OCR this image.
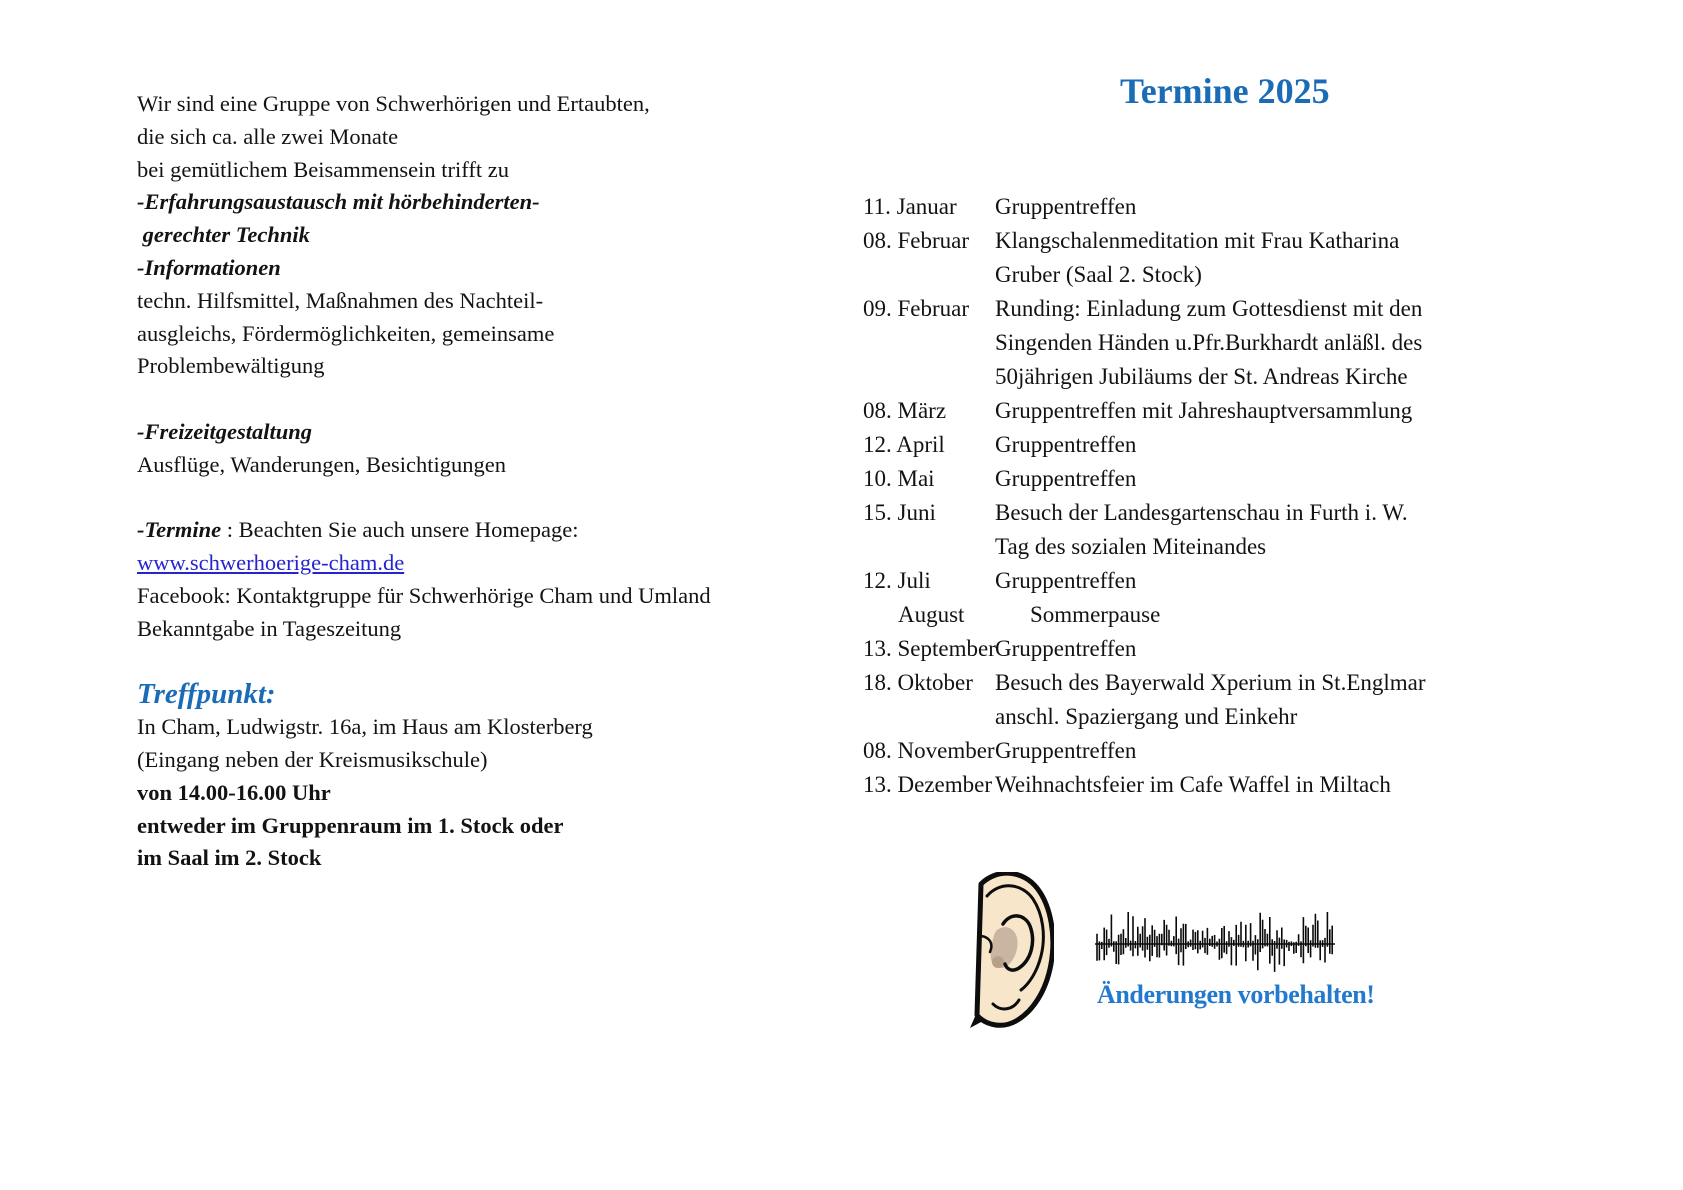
Wir sind eine Gruppe von Schwerhörigen und Ertaubten,
die sich ca. alle zwei Monate
bei gemütlichem Beisammensein trifft zu
-Erfahrungsaustausch mit hörbehinderten-
gerechter Technik
-Informationen
techn. Hilfsmittel, Maßnahmen des Nachteil-
ausgleichs, Fördermöglichkeiten, gemeinsame
Problembewältigung
-Freizeitgestaltung
Ausflüge, Wanderungen, Besichtigungen
-Termine : Beachten Sie auch unsere Homepage:
www.schwerhoerige-cham.de
Facebook: Kontaktgruppe für Schwerhörige Cham und Umland
Bekanntgabe in Tageszeitung
Treffpunkt:
In Cham, Ludwigstr. 16a, im Haus am Klosterberg
(Eingang neben der Kreismusikschule)
von 14.00-16.00 Uhr
entweder im Gruppenraum im 1. Stock oder
im Saal im 2. Stock
Termine 2025
11. Januar	Gruppentreffen
08. Februar	Klangschalenmeditation mit Frau Katharina
Gruber (Saal 2. Stock)
09. Februar	Runding: Einladung zum Gottesdienst mit den
Singenden Händen u.Pfr.Burkhardt anläßl. des
50jährigen Jubiläums der St. Andreas Kirche
08. März	Gruppentreffen mit Jahreshauptversammlung
12. April	Gruppentreffen
10. Mai	Gruppentreffen
15. Juni	Besuch der Landesgartenschau in Furth i. W.
Tag des sozialen Miteinandes
12. Juli	Gruppentreffen
August	Sommerpause
13. September Gruppentreffen
18. Oktober Besuch des Bayerwald Xperium in St.Englmar
anschl. Spaziergang und Einkehr
08. November Gruppentreffen
13. Dezember Weihnachtsfeier im Cafe Waffel in Miltach
Änderungen vorbehalten!
